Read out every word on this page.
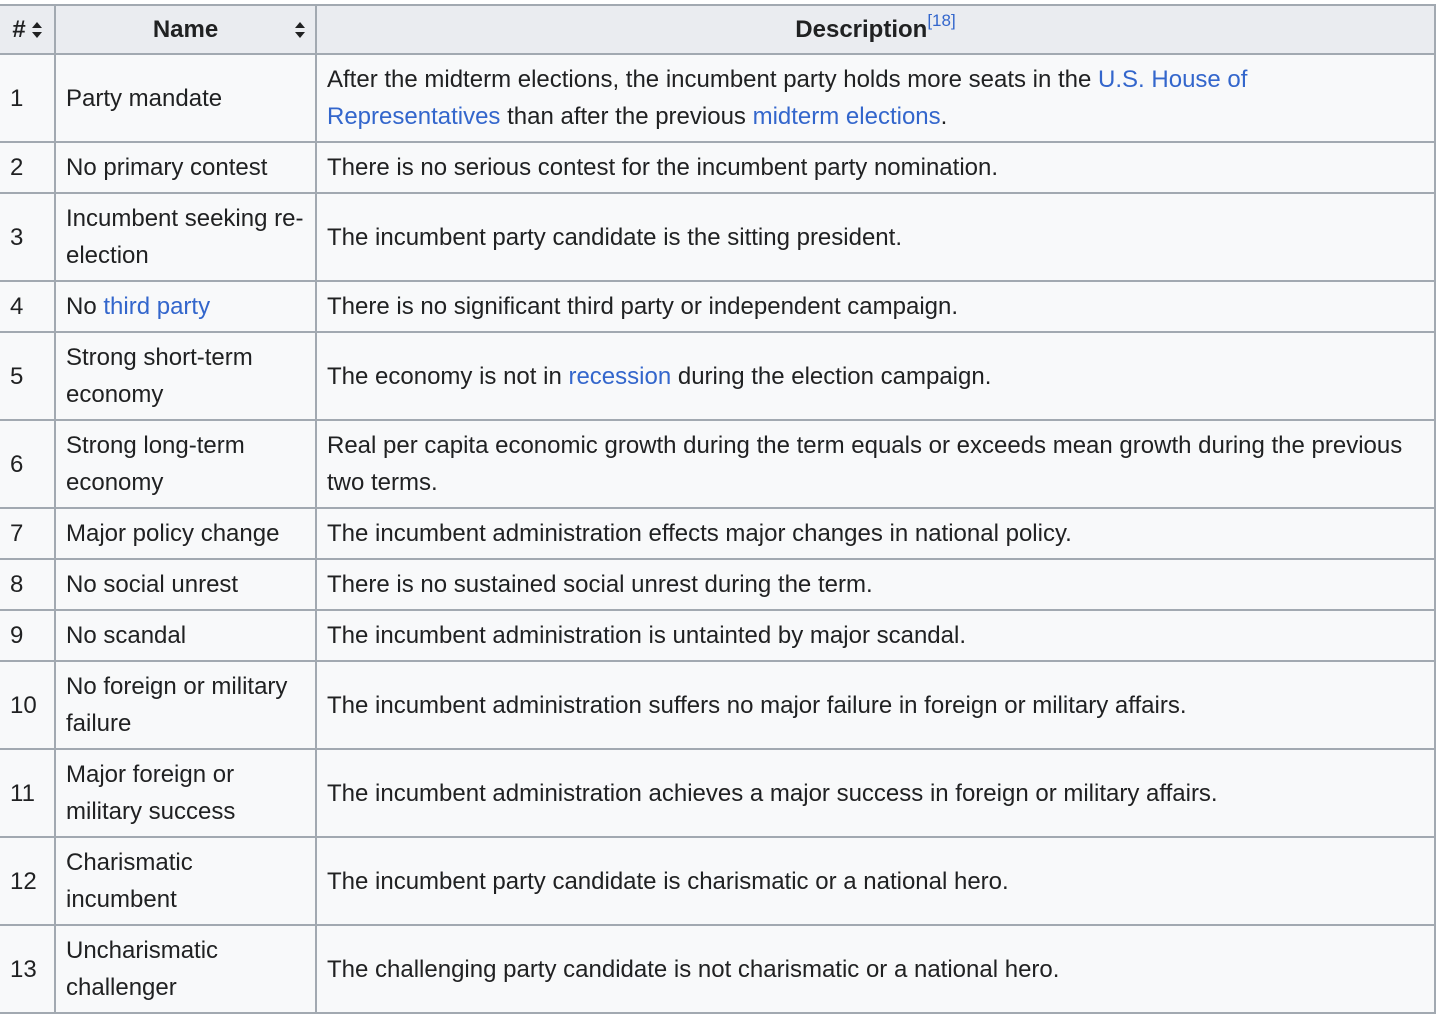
#	Name	Description[18]
1	Party mandate	After the midterm elections, the incumbent party holds more seats in the U.S. House of Representatives than after the previous midterm elections.
2	No primary contest	There is no serious contest for the incumbent party nomination.
3	Incumbent seeking re-election	The incumbent party candidate is the sitting president.
4	No third party	There is no significant third party or independent campaign.
5	Strong short-term economy	The economy is not in recession during the election campaign.
6	Strong long-term economy	Real per capita economic growth during the term equals or exceeds mean growth during the previous two terms.
7	Major policy change	The incumbent administration effects major changes in national policy.
8	No social unrest	There is no sustained social unrest during the term.
9	No scandal	The incumbent administration is untainted by major scandal.
10	No foreign or military failure	The incumbent administration suffers no major failure in foreign or military affairs.
11	Major foreign or military success	The incumbent administration achieves a major success in foreign or military affairs.
12	Charismatic incumbent	The incumbent party candidate is charismatic or a national hero.
13	Uncharismatic challenger	The challenging party candidate is not charismatic or a national hero.
